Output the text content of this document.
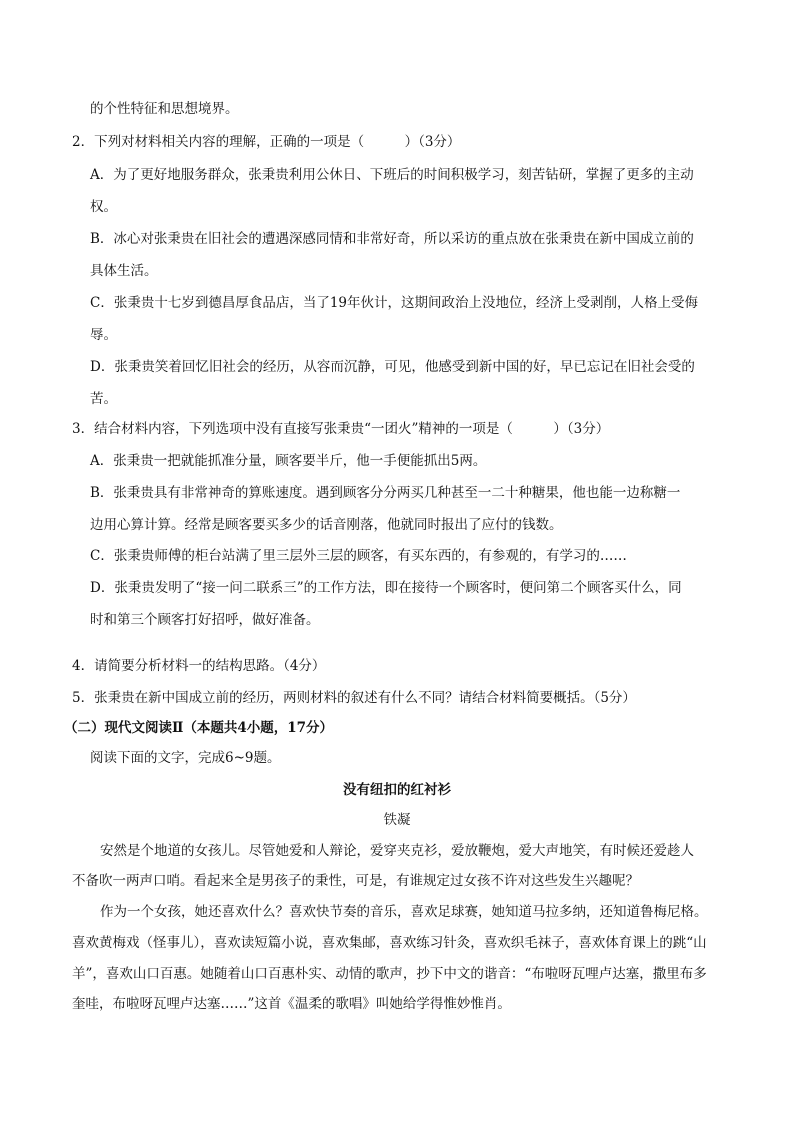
的个性特征和思想境界。
2．下列对材料相关内容的理解，正确的一项是（　　　）（3分）
A．为了更好地服务群众，张秉贵利用公休日、下班后的时间积极学习，刻苦钻研，掌握了更多的主动
权。
B．冰心对张秉贵在旧社会的遭遇深感同情和非常好奇，所以采访的重点放在张秉贵在新中国成立前的
具体生活。
C．张秉贵十七岁到德昌厚食品店，当了19年伙计，这期间政治上没地位，经济上受剥削，人格上受侮
辱。
D．张秉贵笑着回忆旧社会的经历，从容而沉静，可见，他感受到新中国的好，早已忘记在旧社会受的
苦。
3．结合材料内容，下列选项中没有直接写张秉贵“一团火”精神的一项是（　　　）（3分）
A．张秉贵一把就能抓准分量，顾客要半斤，他一手便能抓出5两。
B．张秉贵具有非常神奇的算账速度。遇到顾客分分两买几种甚至一二十种糖果，他也能一边称糖一
边用心算计算。经常是顾客要买多少的话音刚落，他就同时报出了应付的钱数。
C．张秉贵师傅的柜台站满了里三层外三层的顾客，有买东西的，有参观的，有学习的……
D．张秉贵发明了“接一问二联系三”的工作方法，即在接待一个顾客时，便问第二个顾客买什么，同
时和第三个顾客打好招呼，做好准备。
4．请简要分析材料一的结构思路。（4分）
5．张秉贵在新中国成立前的经历，两则材料的叙述有什么不同？请结合材料简要概括。（5分）
（二）现代文阅读Ⅱ（本题共4小题，17分）
阅读下面的文字，完成6~9题。
没有纽扣的红衬衫
铁凝
安然是个地道的女孩儿。尽管她爱和人辩论，爱穿夹克衫，爱放鞭炮，爱大声地笑，有时候还爱趁人
不备吹一两声口哨。看起来全是男孩子的秉性，可是，有谁规定过女孩不许对这些发生兴趣呢？
作为一个女孩，她还喜欢什么？喜欢快节奏的音乐，喜欢足球赛，她知道马拉多纳，还知道鲁梅尼格。
喜欢黄梅戏（怪事儿），喜欢读短篇小说，喜欢集邮，喜欢练习针灸，喜欢织毛袜子，喜欢体育课上的跳“山
羊”，喜欢山口百惠。她随着山口百惠朴实、动情的歌声，抄下中文的谐音：“布啦呀瓦哩卢达塞，撒里布多
奎哇，布啦呀瓦哩卢达塞……”这首《温柔的歌唱》叫她给学得惟妙惟肖。
